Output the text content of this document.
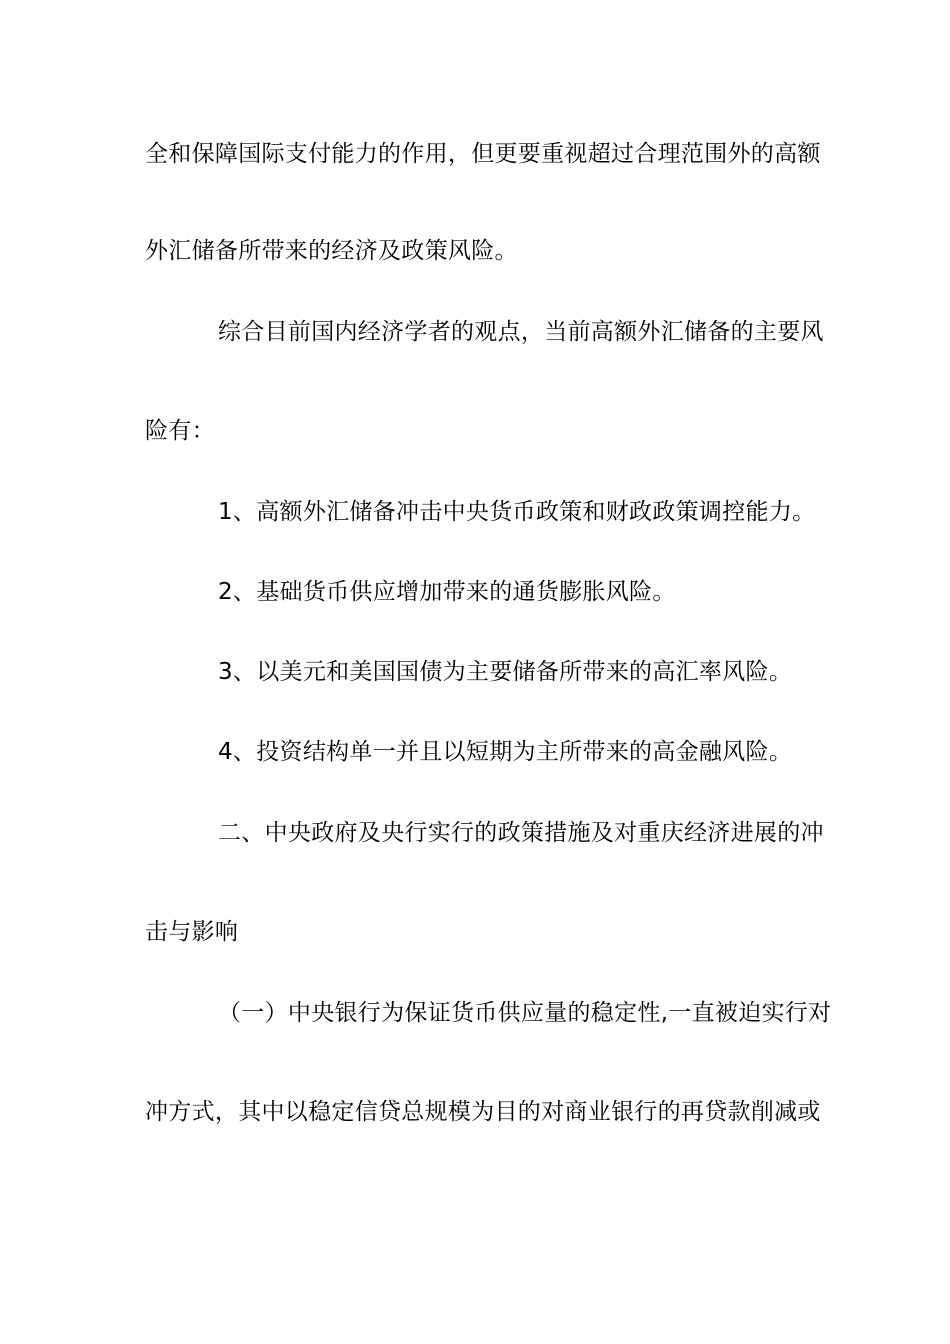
全和保障国际支付能力的作用，但更要重视超过合理范围外的高额
外汇储备所带来的经济及政策风险。
综合目前国内经济学者的观点，当前高额外汇储备的主要风
险有：
1、高额外汇储备冲击中央货币政策和财政政策调控能力。
2、基础货币供应增加带来的通货膨胀风险。
3、以美元和美国国债为主要储备所带来的高汇率风险。
4、投资结构单一并且以短期为主所带来的高金融风险。
二、中央政府及央行实行的政策措施及对重庆经济进展的冲
击与影响
（一）中央银行为保证货币供应量的稳定性,一直被迫实行对
冲方式，其中以稳定信贷总规模为目的对商业银行的再贷款削减或
